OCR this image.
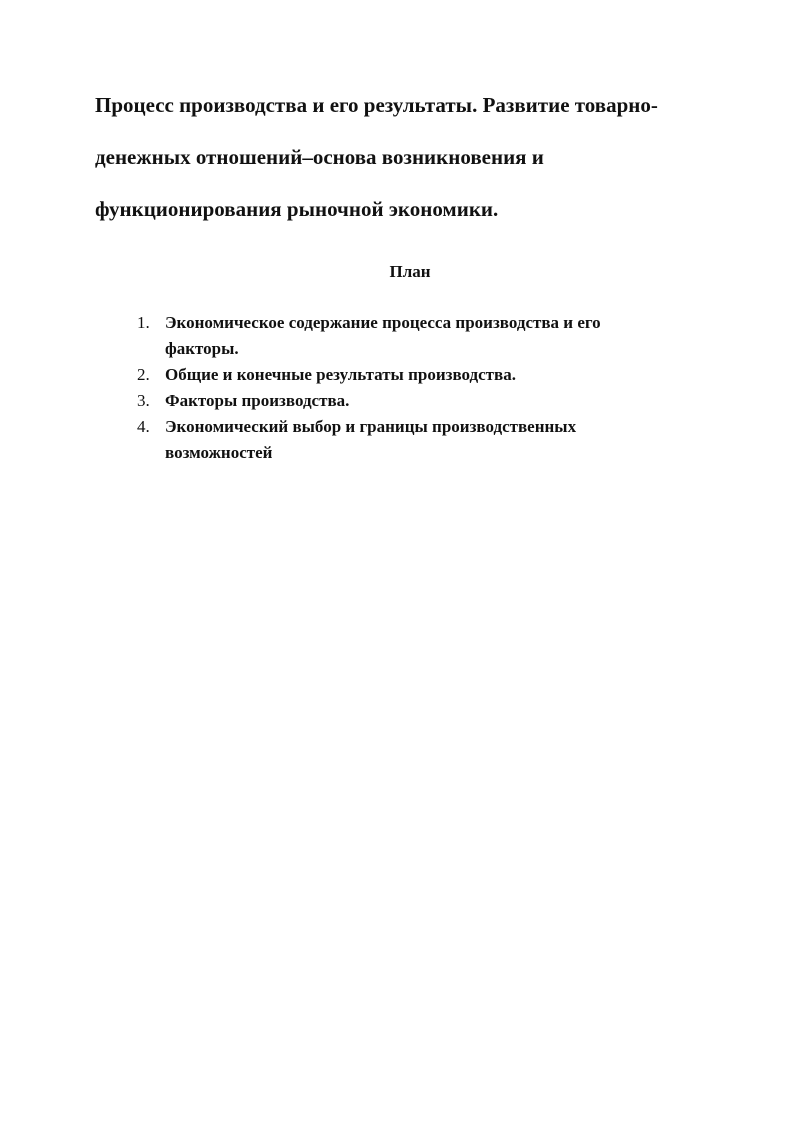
Процесс производства и его результаты. Развитие товарно-
денежных отношений–основа возникновения и
функционирования рыночной экономики.
План
1. Экономическое содержание процесса производства и его факторы.
2. Общие и конечные результаты производства.
3. Факторы производства.
4. Экономический выбор и границы производственных возможностей
